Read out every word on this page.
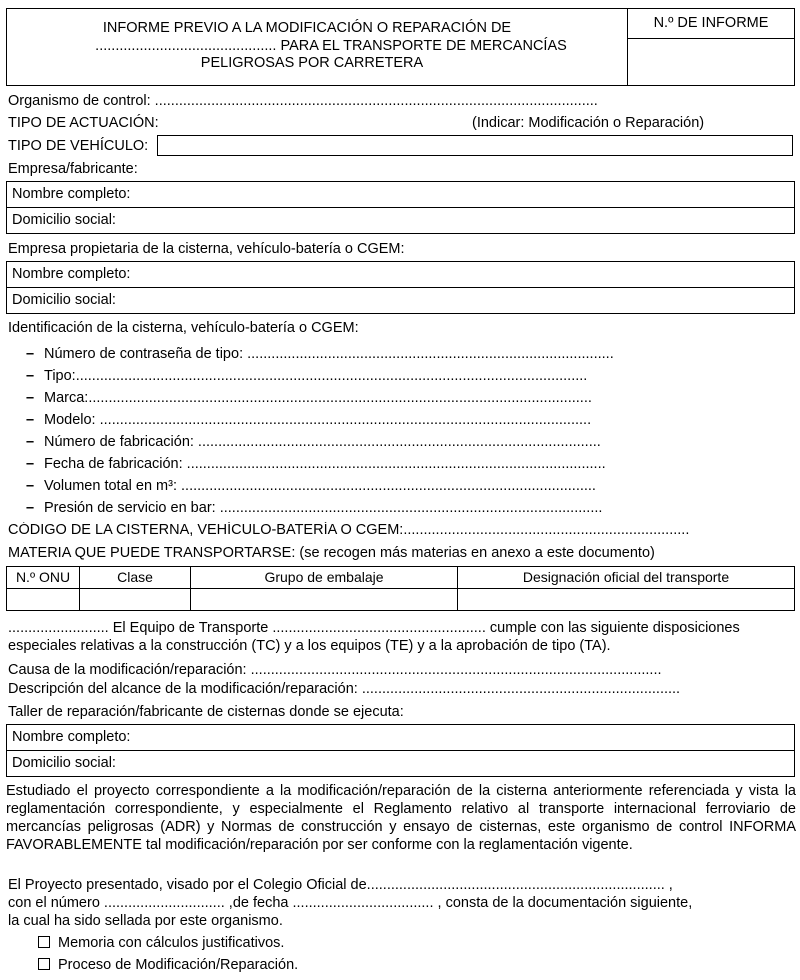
INFORME PREVIO A LA MODIFICACIÓN O REPARACIÓN DE
............................................. PARA EL TRANSPORTE DE MERCANCÍAS
PELIGROSAS POR CARRETERA
N.º DE INFORME
Organismo de control: ..............................................................................................................
TIPO DE ACTUACIÓN:	(Indicar: Modificación o Reparación)
TIPO DE VEHÍCULO:
Empresa/fabricante:
Nombre completo:
Domicilio social:
Empresa propietaria de la cisterna, vehículo-batería o CGEM:
Nombre completo:
Domicilio social:
Identificación de la cisterna, vehículo-batería o CGEM:
– Número de contraseña de tipo: ...........................................................................................
– Tipo:...............................................................................................................................
– Marca:.............................................................................................................................
– Modelo: ..........................................................................................................................
– Número de fabricación: ....................................................................................................
– Fecha de fabricación: ........................................................................................................
– Volumen total en m³: .......................................................................................................
– Presión de servicio en bar: ...............................................................................................
CÓDIGO DE LA CISTERNA, VEHÍCULO-BATERÍA O CGEM:.......................................................................
MATERIA QUE PUEDE TRANSPORTARSE: (se recogen más materias en anexo a este documento)
N.º ONU	Clase	Grupo de embalaje	Designación oficial del transporte

......................... El Equipo de Transporte ..................................................... cumple con las siguiente disposiciones
especiales relativas a la construcción (TC) y a los equipos (TE) y a la aprobación de tipo (TA).
Causa de la modificación/reparación: ......................................................................................................
Descripción del alcance de la modificación/reparación: ...............................................................................
Taller de reparación/fabricante de cisternas donde se ejecuta:
Nombre completo:
Domicilio social:
Estudiado el proyecto correspondiente a la modificación/reparación de la cisterna anteriormente referenciada y vista la reglamentación correspondiente, y especialmente el Reglamento relativo al transporte internacional ferroviario de mercancías peligrosas (ADR) y Normas de construcción y ensayo de cisternas, este organismo de control INFORMA FAVORABLEMENTE tal modificación/reparación por ser conforme con la reglamentación vigente.
El Proyecto presentado, visado por el Colegio Oficial de.......................................................................... ,
con el número .............................. ,de fecha ................................... , consta de la documentación siguiente,
la cual ha sido sellada por este organismo.
Memoria con cálculos justificativos.
Proceso de Modificación/Reparación.
